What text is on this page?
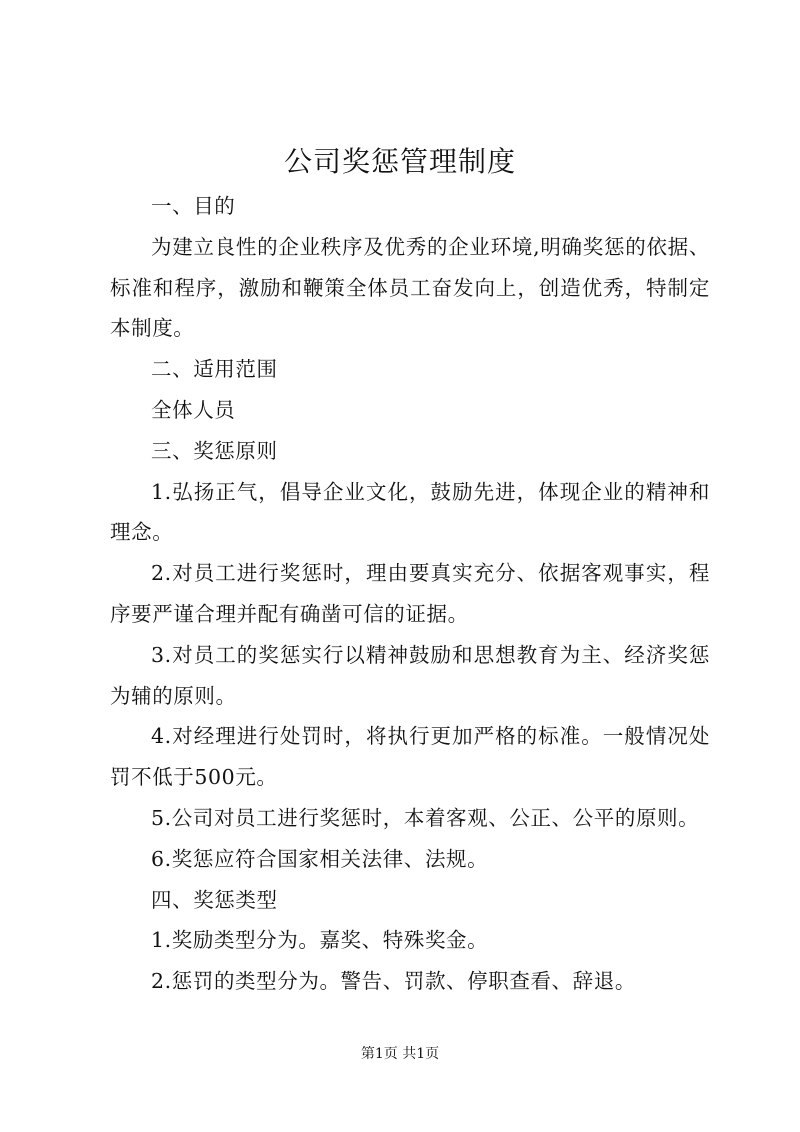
公司奖惩管理制度

一、目的

为建立良性的企业秩序及优秀的企业环境,明确奖惩的依据、标准和程序，激励和鞭策全体员工奋发向上，创造优秀，特制定本制度。

二、适用范围

全体人员

三、奖惩原则

1.弘扬正气，倡导企业文化，鼓励先进，体现企业的精神和理念。

2.对员工进行奖惩时，理由要真实充分、依据客观事实，程序要严谨合理并配有确凿可信的证据。

3.对员工的奖惩实行以精神鼓励和思想教育为主、经济奖惩为辅的原则。

4.对经理进行处罚时，将执行更加严格的标准。一般情况处罚不低于500元。

5.公司对员工进行奖惩时，本着客观、公正、公平的原则。

6.奖惩应符合国家相关法律、法规。

四、奖惩类型

1.奖励类型分为。嘉奖、特殊奖金。

2.惩罚的类型分为。警告、罚款、停职查看、辞退。

第1页 共1页
